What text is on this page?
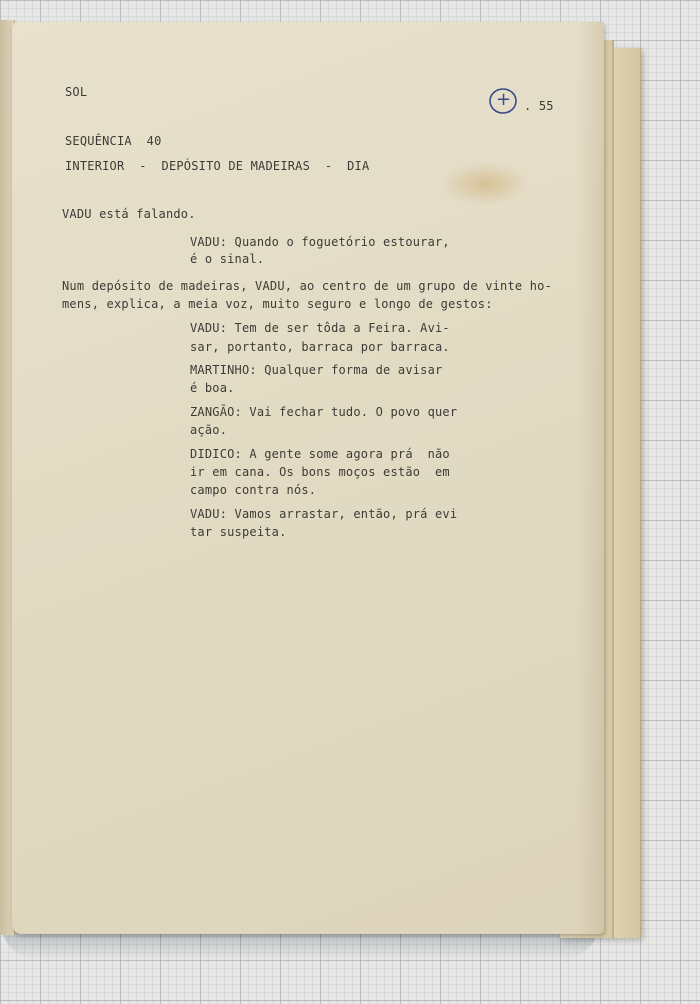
SOL	+ . 55
SEQUÊNCIA  40
INTERIOR  -  DEPÓSITO DE MADEIRAS  -  DIA
VADU está falando.
VADU: Quando o foguetório estourar,
é o sinal.
Num depósito de madeiras, VADU, ao centro de um grupo de vinte ho-
mens, explica, a meia voz, muito seguro e longo de gestos:
VADU: Tem de ser tôda a Feira. Avi-
sar, portanto, barraca por barraca.
MARTINHO: Qualquer forma de avisar
é boa.
ZANGÃO: Vai fechar tudo. O povo quer
ação.
DIDICO: A gente some agora prá  não
ir em cana. Os bons moços estão  em
campo contra nós.
VADU: Vamos arrastar, então, prá evi
tar suspeita.
